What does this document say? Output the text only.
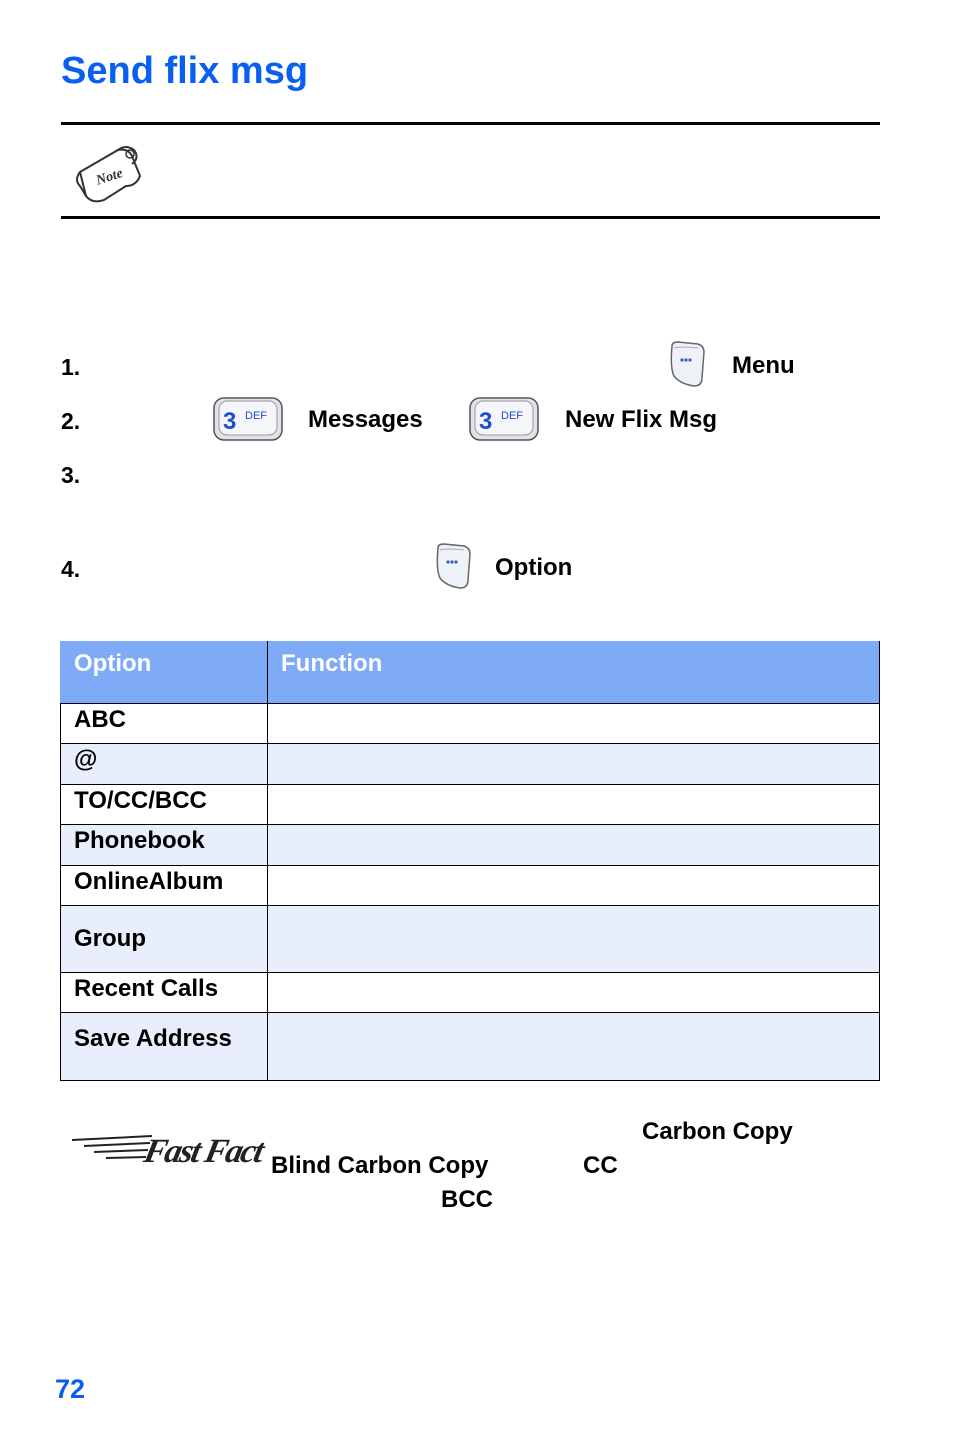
Send flix msg
Note
1.	Menu
2.	3 DEF Messages 3 DEF New Flix Msg
3.
4.	Option
Option	Function
ABC	
@	
TO/CC/BCC	
Phonebook	
OnlineAlbum	
Group	
Recent Calls	
Save Address	
Fast Fact
Carbon Copy
Blind Carbon Copy	CC
BCC
72
